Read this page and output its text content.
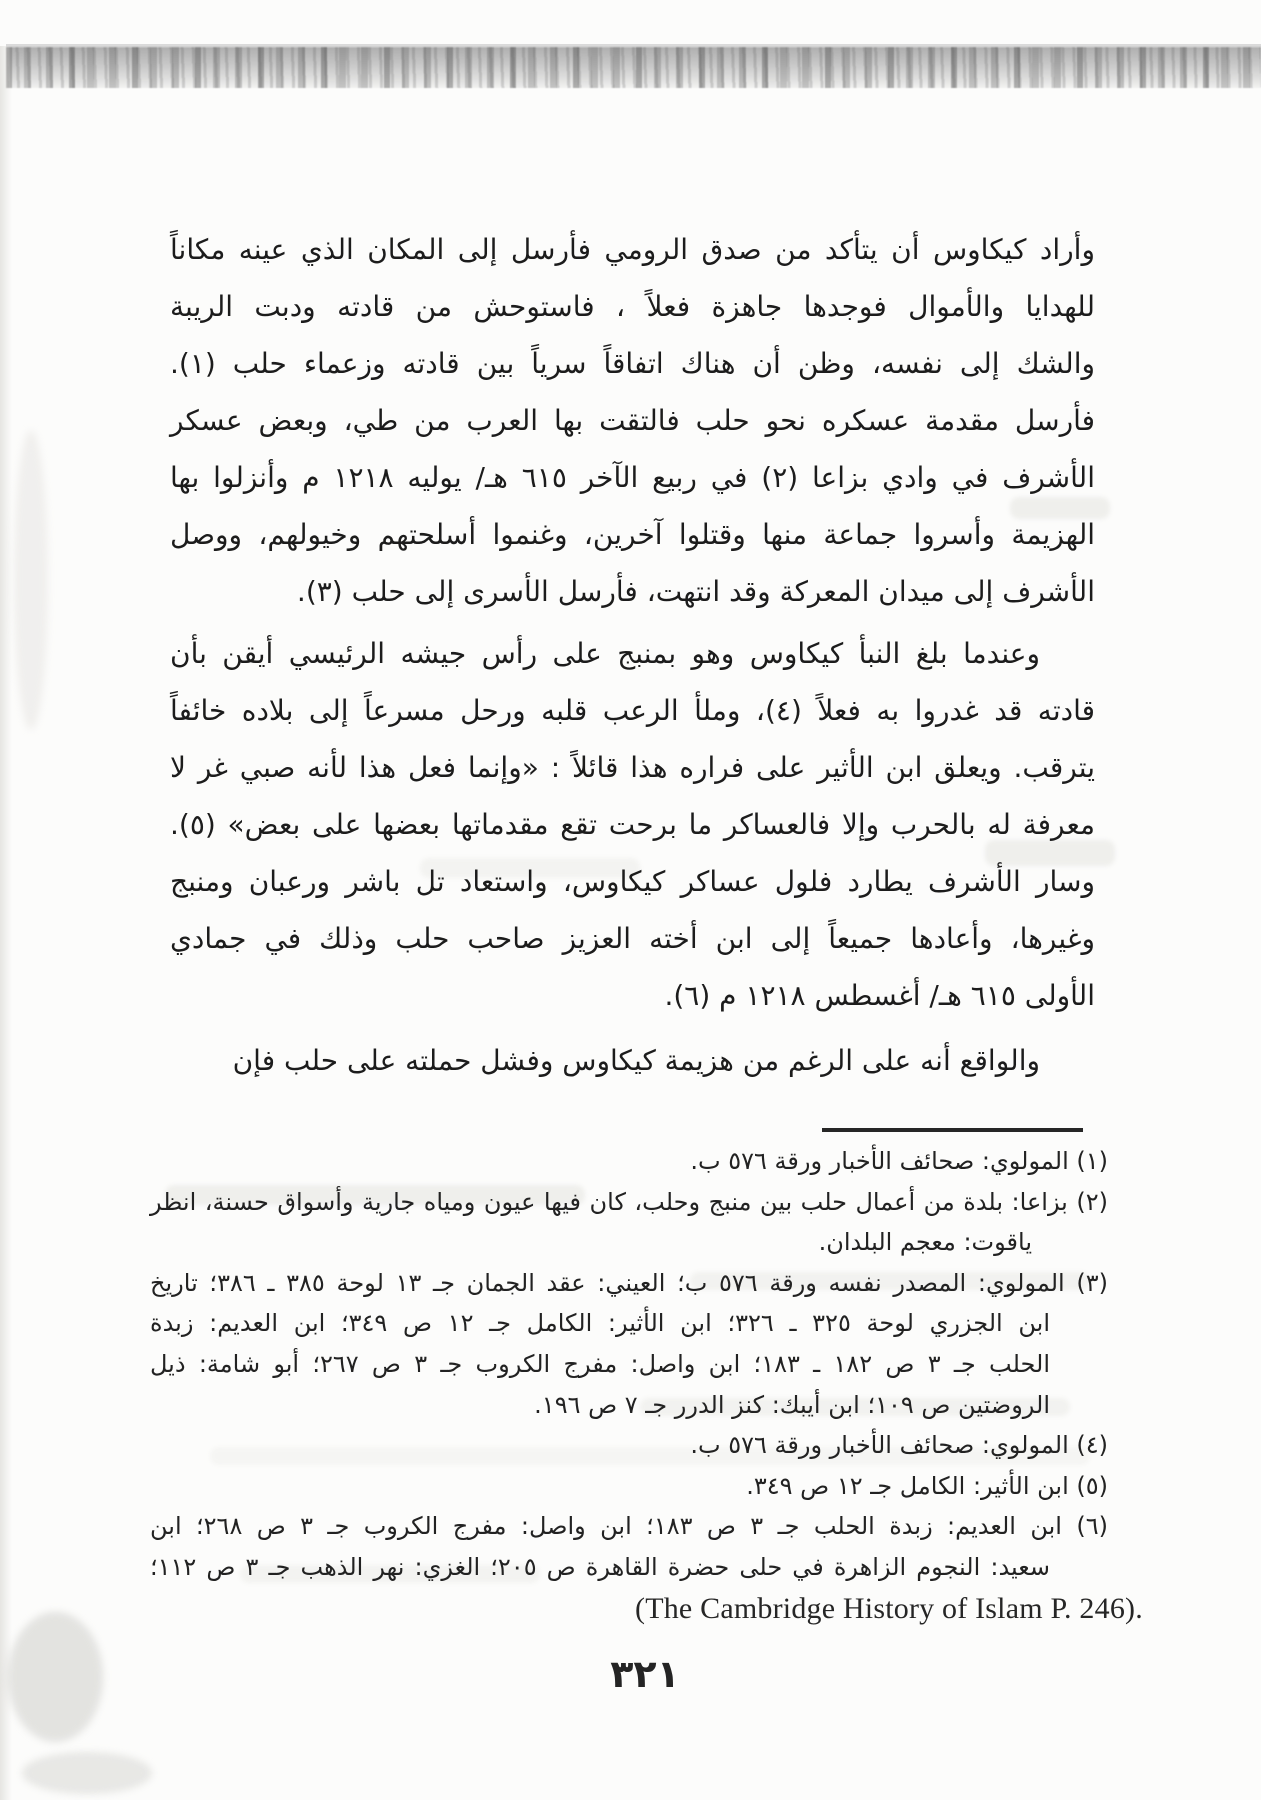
وأراد كيكاوس أن يتأكد من صدق الرومي فأرسل إلى المكان الذي عينه مكاناً
للهدايا والأموال فوجدها جاهزة فعلاً ، فاستوحش من قادته ودبت الريبة
والشك إلى نفسه، وظن أن هناك اتفاقاً سرياً بين قادته وزعماء حلب (١).
فأرسل مقدمة عسكره نحو حلب فالتقت بها العرب من طي، وبعض عسكر
الأشرف في وادي بزاعا (٢) في ربيع الآخر ٦١٥ هـ/ يوليه ١٢١٨ م وأنزلوا بها
الهزيمة وأسروا جماعة منها وقتلوا آخرين، وغنموا أسلحتهم وخيولهم، ووصل
الأشرف إلى ميدان المعركة وقد انتهت، فأرسل الأسرى إلى حلب (٣).
وعندما بلغ النبأ كيكاوس وهو بمنبج على رأس جيشه الرئيسي أيقن بأن
قادته قد غدروا به فعلاً (٤)، وملأ الرعب قلبه ورحل مسرعاً إلى بلاده خائفاً
يترقب. ويعلق ابن الأثير على فراره هذا قائلاً : «وإنما فعل هذا لأنه صبي غر لا
معرفة له بالحرب وإلا فالعساكر ما برحت تقع مقدماتها بعضها على بعض» (٥).
وسار الأشرف يطارد فلول عساكر كيكاوس، واستعاد تل باشر ورعبان ومنبج
وغيرها، وأعادها جميعاً إلى ابن أخته العزيز صاحب حلب وذلك في جمادي
الأولى ٦١٥ هـ/ أغسطس ١٢١٨ م (٦).
والواقع أنه على الرغم من هزيمة كيكاوس وفشل حملته على حلب فإن
(١) المولوي: صحائف الأخبار ورقة ٥٧٦ ب.
(٢) بزاعا: بلدة من أعمال حلب بين منبج وحلب، كان فيها عيون ومياه جارية وأسواق حسنة، انظر
ياقوت: معجم البلدان.
(٣) المولوي: المصدر نفسه ورقة ٥٧٦ ب؛ العيني: عقد الجمان جـ ١٣ لوحة ٣٨٥ ـ ٣٨٦؛ تاريخ
ابن الجزري لوحة ٣٢٥ ـ ٣٢٦؛ ابن الأثير: الكامل جـ ١٢ ص ٣٤٩؛ ابن العديم: زبدة
الحلب جـ ٣ ص ١٨٢ ـ ١٨٣؛ ابن واصل: مفرج الكروب جـ ٣ ص ٢٦٧؛ أبو شامة: ذيل
الروضتين ص ١٠٩؛ ابن أيبك: كنز الدرر جـ ٧ ص ١٩٦.
(٤) المولوي: صحائف الأخبار ورقة ٥٧٦ ب.
(٥) ابن الأثير: الكامل جـ ١٢ ص ٣٤٩.
(٦) ابن العديم: زبدة الحلب جـ ٣ ص ١٨٣؛ ابن واصل: مفرج الكروب جـ ٣ ص ٢٦٨؛ ابن
سعيد: النجوم الزاهرة في حلى حضرة القاهرة ص ٢٠٥؛ الغزي: نهر الذهب جـ ٣ ص ١١٢؛
(The Cambridge History of Islam P. 246).
٣٢١
